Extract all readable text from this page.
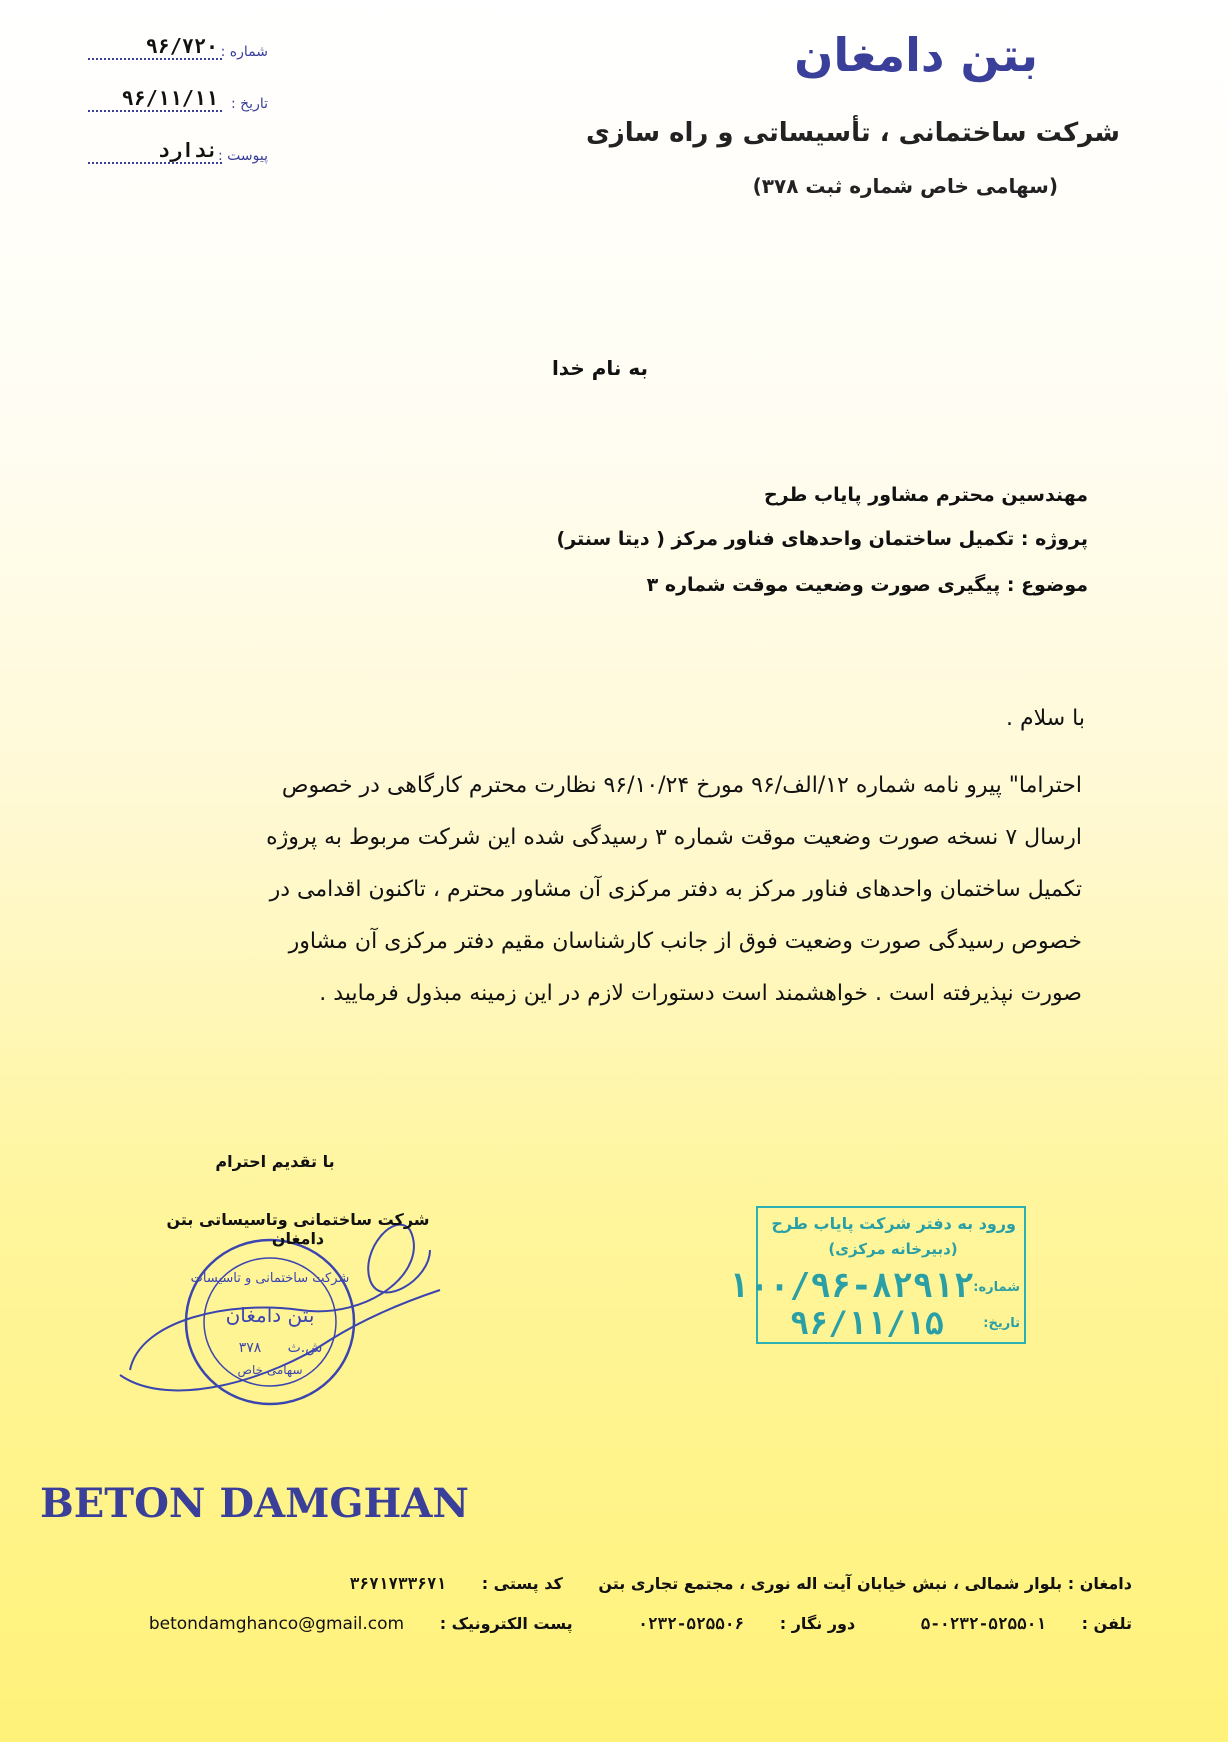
بتن دامغان
شرکت ساختمانی ، تأسیساتی و راه سازی
(سهامی خاص شماره ثبت ۳۷۸)
شماره :
۹۶/۷۲۰
تاریخ :
۹۶/۱۱/۱۱
پیوست :
ندارد
به نام خدا
مهندسین محترم مشاور پایاب طرح
پروژه : تکمیل ساختمان واحدهای فناور مرکز ( دیتا سنتر)
موضوع : پیگیری صورت وضعیت موقت شماره ۳
با سلام .

احتراما" پیرو نامه شماره ۱۲/الف/۹۶ مورخ ۹۶/۱۰/۲۴ نظارت محترم کارگاهی در خصوص

ارسال ۷ نسخه صورت وضعیت موقت شماره ۳ رسیدگی شده این شرکت مربوط به پروژه

تکمیل ساختمان واحدهای فناور مرکز به دفتر مرکزی آن مشاور محترم ، تاکنون اقدامی در

خصوص رسیدگی صورت وضعیت فوق از جانب کارشناسان مقیم دفتر مرکزی آن مشاور

صورت نپذیرفته است . خواهشمند است دستورات لازم در این زمینه مبذول فرمایید .

با تقدیم احترام
شرکت ساختمانی و تاسیسات
بتن دامغان
۳۷۸ ش.ث
سهامی خاص
شرکت ساختمانی وتاسیساتی بتن دامغان
ورود به دفتر شرکت پایاب طرح
(دبیرخانه مرکزی)
شماره:
۱۰۰/۹۶-۸۲۹۱۲
تاریخ:
۹۶/۱۱/۱۵
BETON DAMGHAN
دامغان : بلوار شمالی ، نبش خیابان آیت اله نوری ، مجتمع تجاری بتن کد پستی : ۳۶۷۱۷۳۳۶۷۱
تلفن : ۵-۰۲۳۲-۵۲۵۵۰۱ دور نگار : ۰۲۳۲-۵۲۵۵۰۶ پست الکترونیک : betondamghanco@gmail.com
